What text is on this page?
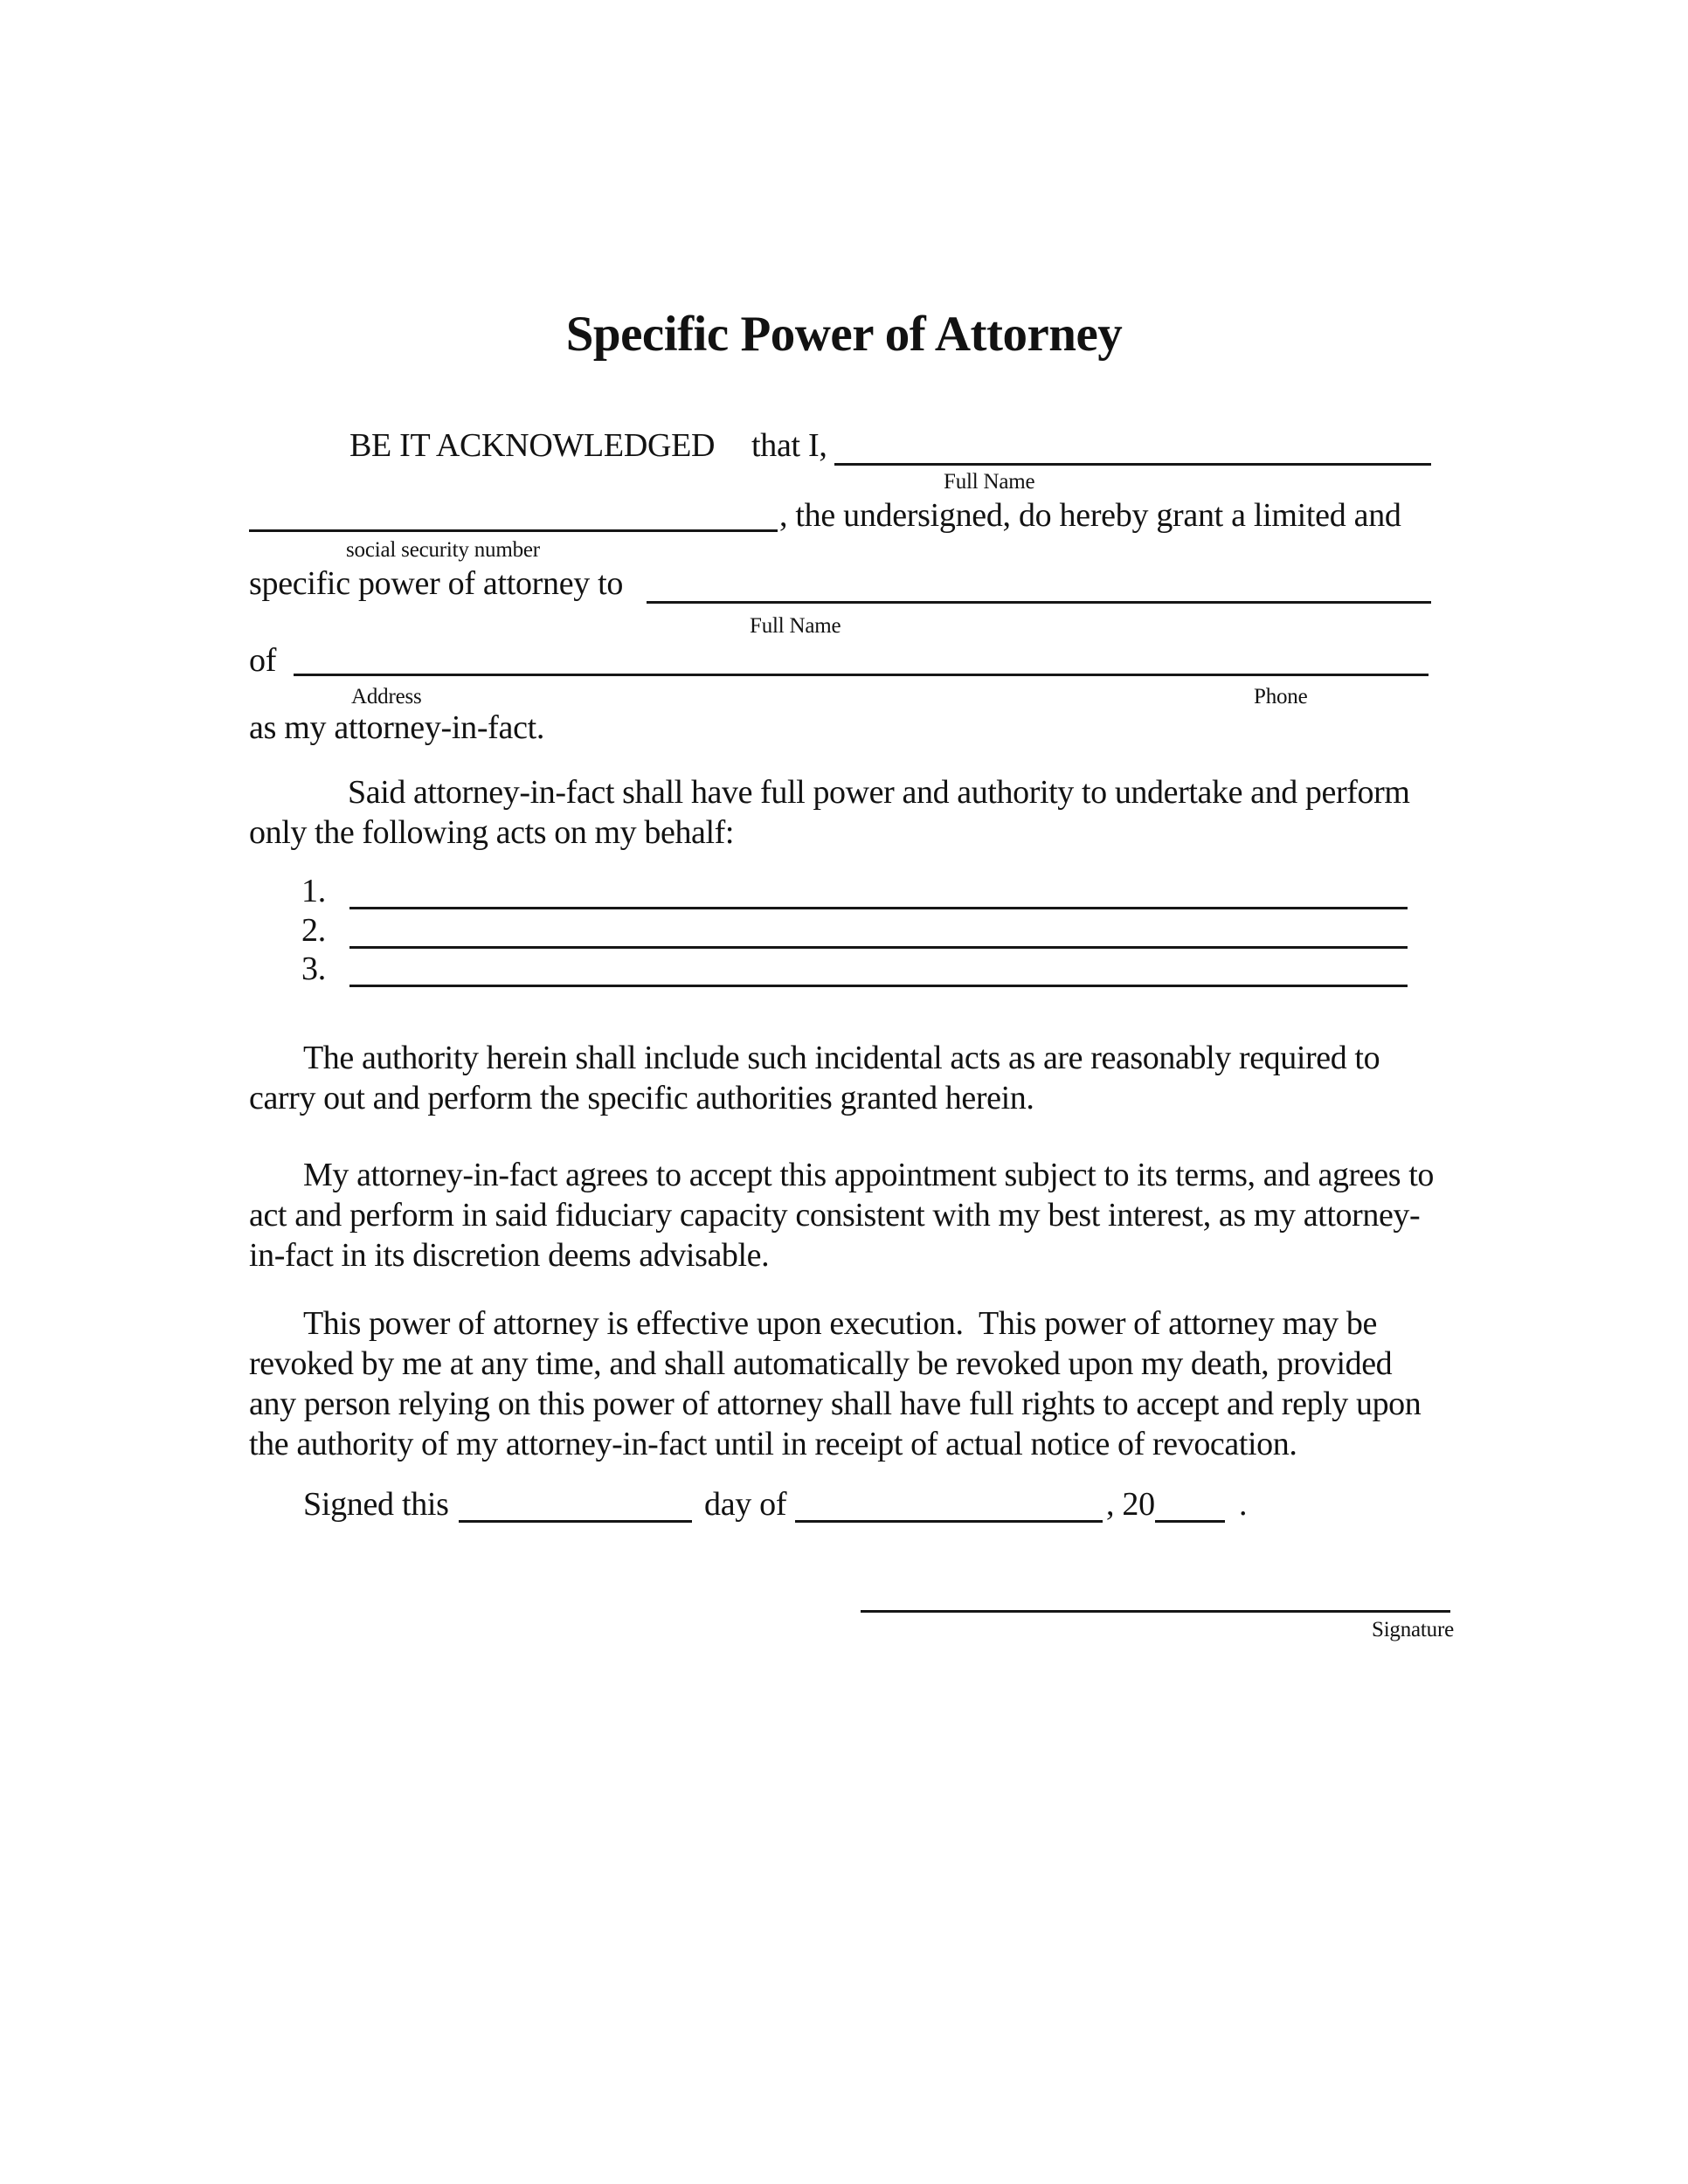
Specific Power of Attorney
BE IT ACKNOWLEDGED that I,
Full Name
, the undersigned, do hereby grant a limited and
social security number
specific power of attorney to
Full Name
of
Address	Phone
as my attorney-in-fact.
Said attorney-in-fact shall have full power and authority to undertake and perform only the following acts on my behalf:
1.
2.
3.
The authority herein shall include such incidental acts as are reasonably required to carry out and perform the specific authorities granted herein.
My attorney-in-fact agrees to accept this appointment subject to its terms, and agrees to act and perform in said fiduciary capacity consistent with my best interest, as my attorney-in-fact in its discretion deems advisable.
This power of attorney is effective upon execution.  This power of attorney may be revoked by me at any time, and shall automatically be revoked upon my death, provided any person relying on this power of attorney shall have full rights to accept and reply upon the authority of my attorney-in-fact until in receipt of actual notice of revocation.
Signed this	day of	, 20	.
Signature
